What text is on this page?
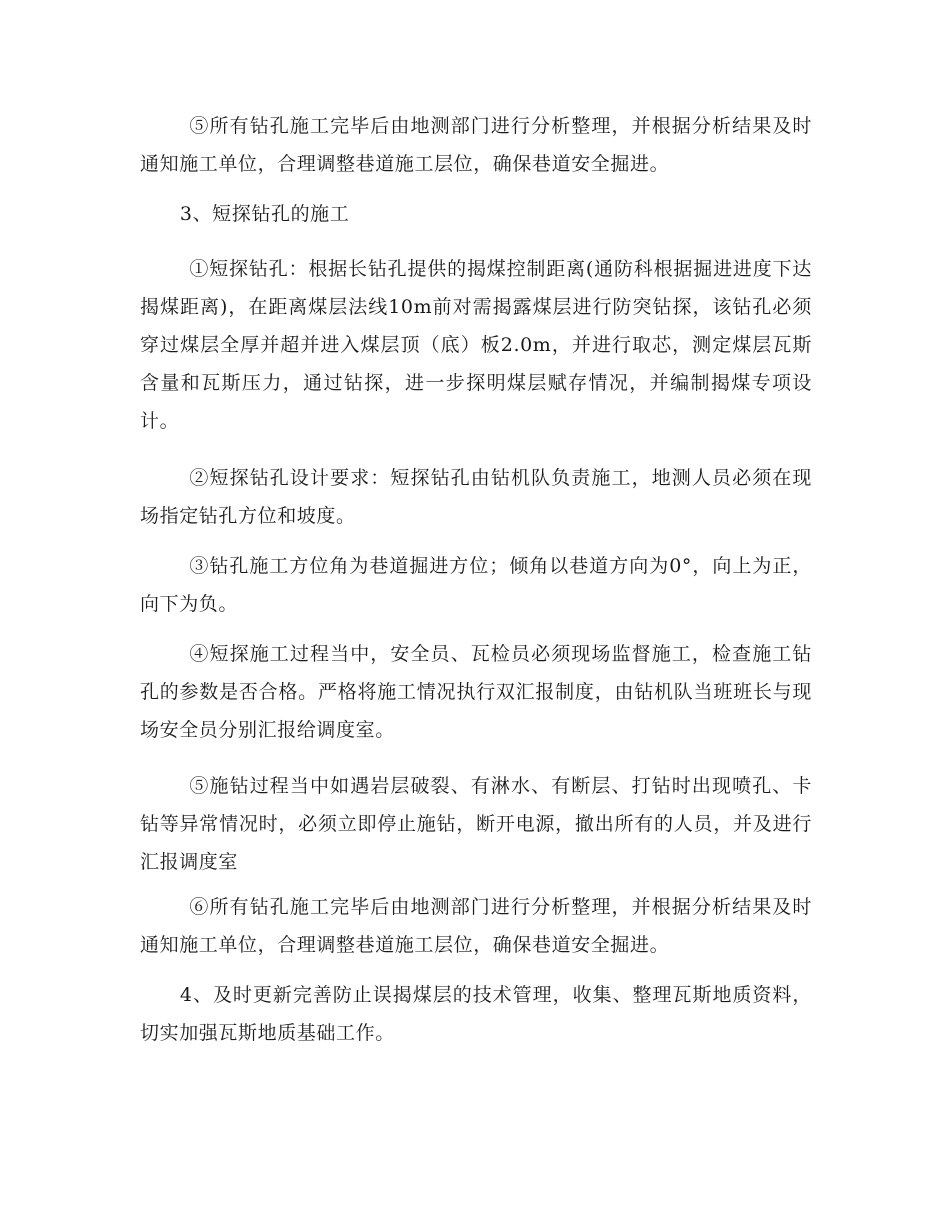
⑤所有钻孔施工完毕后由地测部门进行分析整理，并根据分析结果及时通知施工单位，合理调整巷道施工层位，确保巷道安全掘进。

3、短探钻孔的施工

①短探钻孔：根据长钻孔提供的揭煤控制距离(通防科根据掘进进度下达揭煤距离)，在距离煤层法线10m前对需揭露煤层进行防突钻探，该钻孔必须穿过煤层全厚并超并进入煤层顶（底）板2.0m，并进行取芯，测定煤层瓦斯含量和瓦斯压力，通过钻探，进一步探明煤层赋存情况，并编制揭煤专项设计。

②短探钻孔设计要求：短探钻孔由钻机队负责施工，地测人员必须在现场指定钻孔方位和坡度。

③钻孔施工方位角为巷道掘进方位；倾角以巷道方向为0°，向上为正，向下为负。

④短探施工过程当中，安全员、瓦检员必须现场监督施工，检查施工钻孔的参数是否合格。严格将施工情况执行双汇报制度，由钻机队当班班长与现场安全员分别汇报给调度室。

⑤施钻过程当中如遇岩层破裂、有淋水、有断层、打钻时出现喷孔、卡钻等异常情况时，必须立即停止施钻，断开电源，撤出所有的人员，并及进行汇报调度室

⑥所有钻孔施工完毕后由地测部门进行分析整理，并根据分析结果及时通知施工单位，合理调整巷道施工层位，确保巷道安全掘进。

4、及时更新完善防止误揭煤层的技术管理，收集、整理瓦斯地质资料，切实加强瓦斯地质基础工作。
